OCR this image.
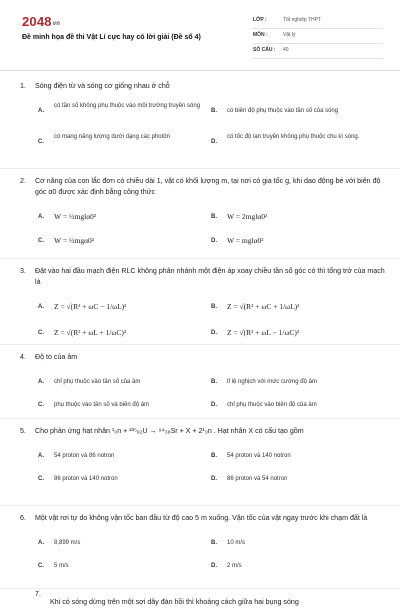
2048vn
Đề minh họa đề thi Vật Lí cực hay có lời giải (Đề số 4)
LỚP :	Tốt nghiệp THPT
MÔN :	Vật lý
SỐ CÂU : 40
1. Sóng điện từ và sóng cơ giống nhau ở chỗ
A.
có tần số không phụ thuộc vào môi trường truyền sóng
B. có biên độ phụ thuộc vào tần số của sóng
C.
có mang năng lượng dưới dạng các photôn
D.
có tốc độ lan truyền không phụ thuộc chu kì sóng.
2. Cơ năng của con lắc đơn có chiều dài 1, vật có khối lượng m, tại nơi có gia tốc g, khi dao động bé với biên độ góc α0 được xác định bằng công thức
A. W = ½mglα0²	B. W = 2mglα0²
C. W = ½mgα0²	D. W = mglα0²
3. Đặt vào hai đầu mạch điện RLC không phân nhánh một điện áp xoay chiều tần số góc có thì tổng trở của mạch là
A. Z = √(R² + ωC − 1/ωL)²	B. Z = √(R² + ωC + 1/ωL)²
C. Z = √(R² + ωL + 1/ωC)²	D. Z = √(R² + ωL − 1/ωC)²
4. Độ to của âm
A. chỉ phụ thuộc vào tần số của âm	B. tỉ lệ nghịch với mức cường độ âm
C. phụ thuộc vào tần số và biên độ âm	D. chỉ phụ thuộc vào biên độ của âm
5. Cho phản ứng hạt nhân ¹₀n + ²³⁵₉₂U → ⁹⁴₃₈Sr + X + 2¹₀n . Hạt nhân X có cấu tạo gồm
A. 54 proton và 86 notron	B. 54 proton và 140 notron
C. 86 proton và 140 notron	D. 86 proton và 54 notron
6. Một vật rơi tự do không vận tốc ban đầu từ độ cao 5 m xuống. Vận tốc của vật ngay trước khi chạm đất là
A. 8,899 m/s	B. 10 m/s
C. 5 m/s	D. 2 m/s
7.
Khi có sóng dừng trên một sợi dây đàn hồi thì khoảng cách giữa hai bụng sóng
